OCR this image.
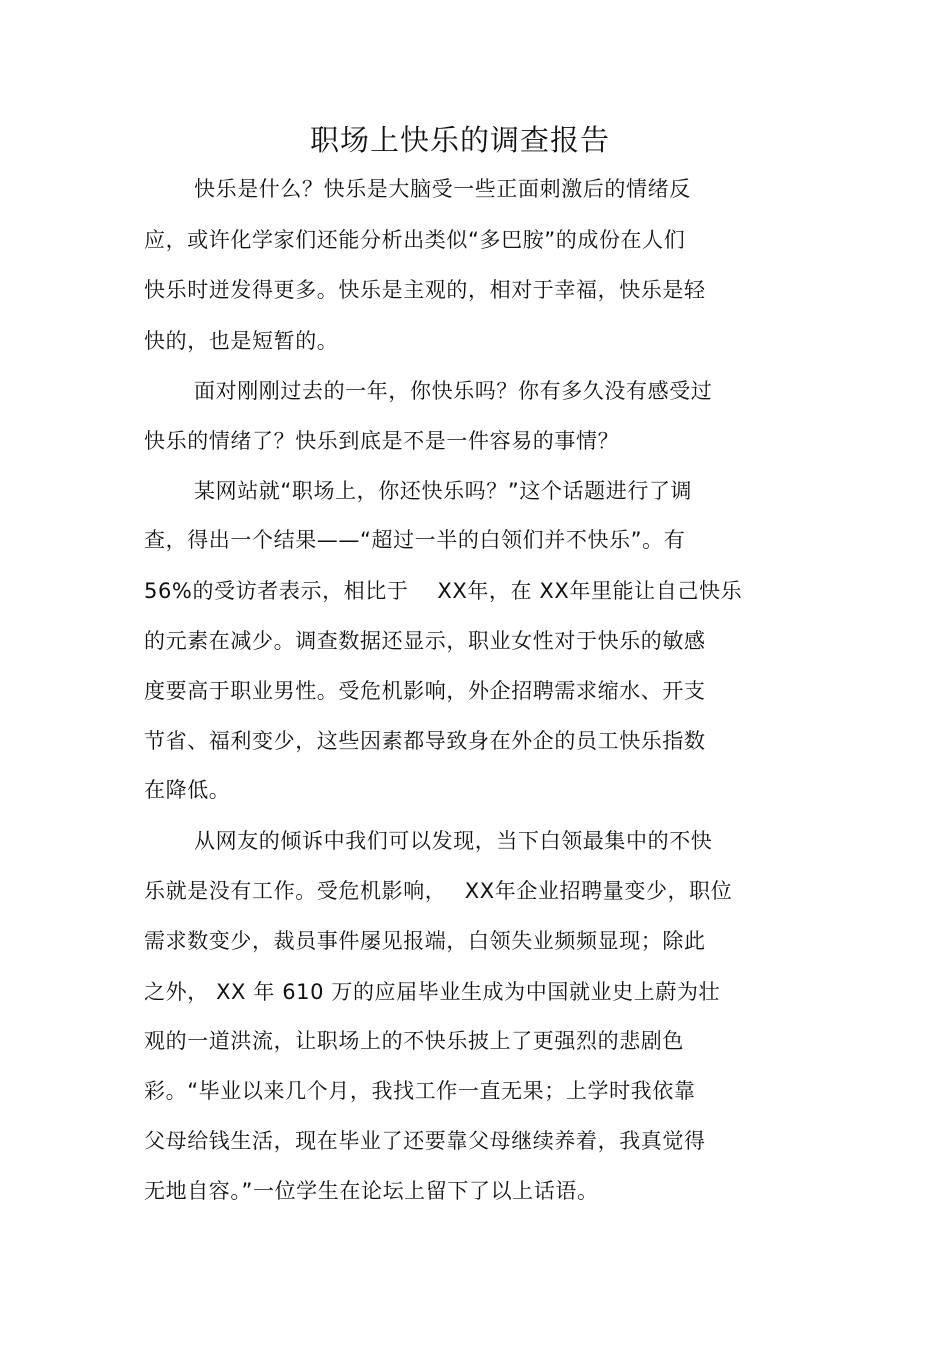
职场上快乐的调查报告
快乐是什么？快乐是大脑受一些正面刺激后的情绪反
应，或许化学家们还能分析出类似“多巴胺”的成份在人们
快乐时迸发得更多。快乐是主观的，相对于幸福，快乐是轻
快的，也是短暂的。
面对刚刚过去的一年，你快乐吗？你有多久没有感受过
快乐的情绪了？快乐到底是不是一件容易的事情？
某网站就“职场上，你还快乐吗？”这个话题进行了调
查，得出一个结果——“超过一半的白领们并不快乐”。有
56%的受访者表示，相比于　 XX年，在 XX年里能让自己快乐
的元素在减少。调查数据还显示，职业女性对于快乐的敏感
度要高于职业男性。受危机影响，外企招聘需求缩水、开支
节省、福利变少，这些因素都导致身在外企的员工快乐指数
在降低。
从网友的倾诉中我们可以发现，当下白领最集中的不快
乐就是没有工作。受危机影响，　 XX年企业招聘量变少，职位
需求数变少，裁员事件屡见报端，白领失业频频显现；除此
之外， XX 年 610 万的应届毕业生成为中国就业史上蔚为壮
观的一道洪流，让职场上的不快乐披上了更强烈的悲剧色
彩。“毕业以来几个月，我找工作一直无果；上学时我依靠
父母给钱生活，现在毕业了还要靠父母继续养着，我真觉得
无地自容。”一位学生在论坛上留下了以上话语。
